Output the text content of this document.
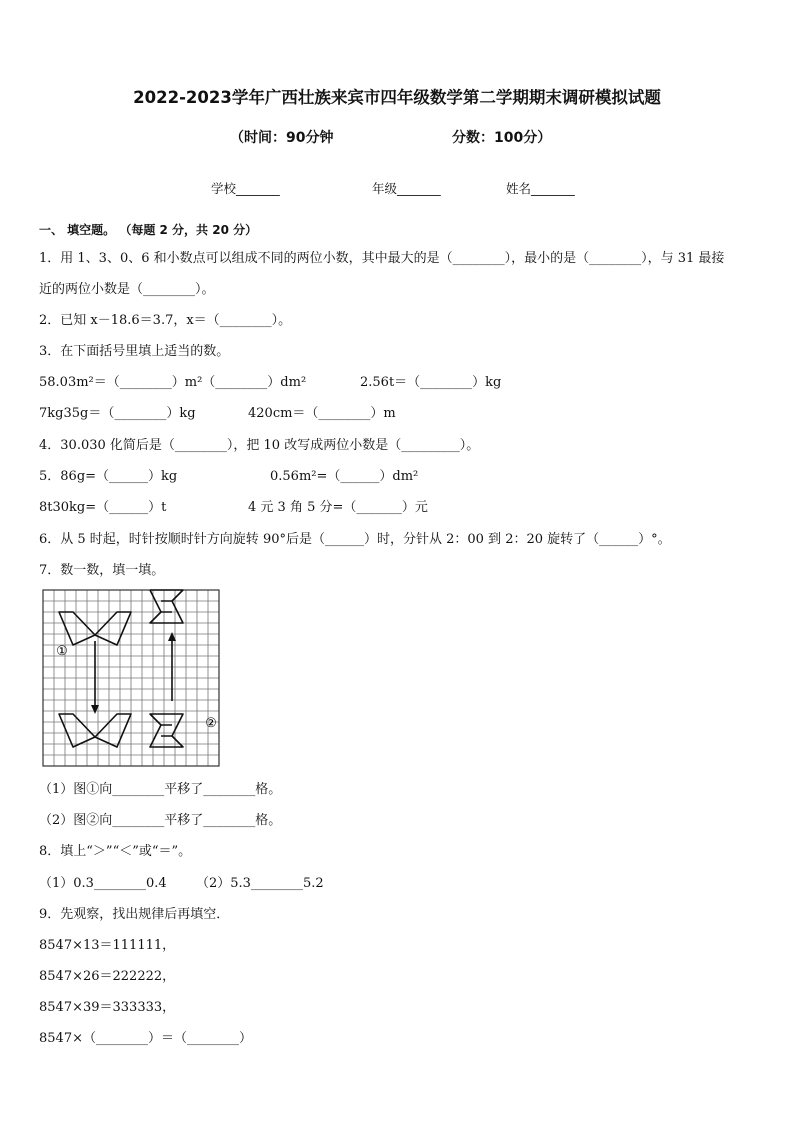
2022-2023学年广西壮族来宾市四年级数学第二学期期末调研模拟试题
（时间：90分钟	分数：100分）
学校_______	年级_______	姓名_______
一、 填空题。 （每题 2 分，共 20 分）
1．用 1、3、0、6 和小数点可以组成不同的两位小数，其中最大的是（________），最小的是（________），与 31 最接
近的两位小数是（________）。
2．已知 x－18.6＝3.7，x＝（________）。
3．在下面括号里填上适当的数。
58.03m²＝（________）m²（________）dm²	2.56t＝（________）kg
7kg35g＝（________）kg	420cm＝（________）m
4．30.030 化简后是（________），把 10 改写成两位小数是（_________）。
5．86g=（______）kg	0.56m²=（______）dm²
8t30kg=（______）t	4 元 3 角 5 分=（_______）元
6．从 5 时起，时针按顺时针方向旋转 90°后是（______）时，分针从 2：00 到 2：20 旋转了（______）°。
7．数一数，填一填。
①
②
（1）图①向________平移了________格。
（2）图②向________平移了________格。
8．填上“＞”“＜”或“＝”。
（1）0.3________0.4 （2）5.3________5.2
9．先观察，找出规律后再填空．
8547×13＝111111，
8547×26＝222222，
8547×39＝333333，
8547×（________）＝（________）
